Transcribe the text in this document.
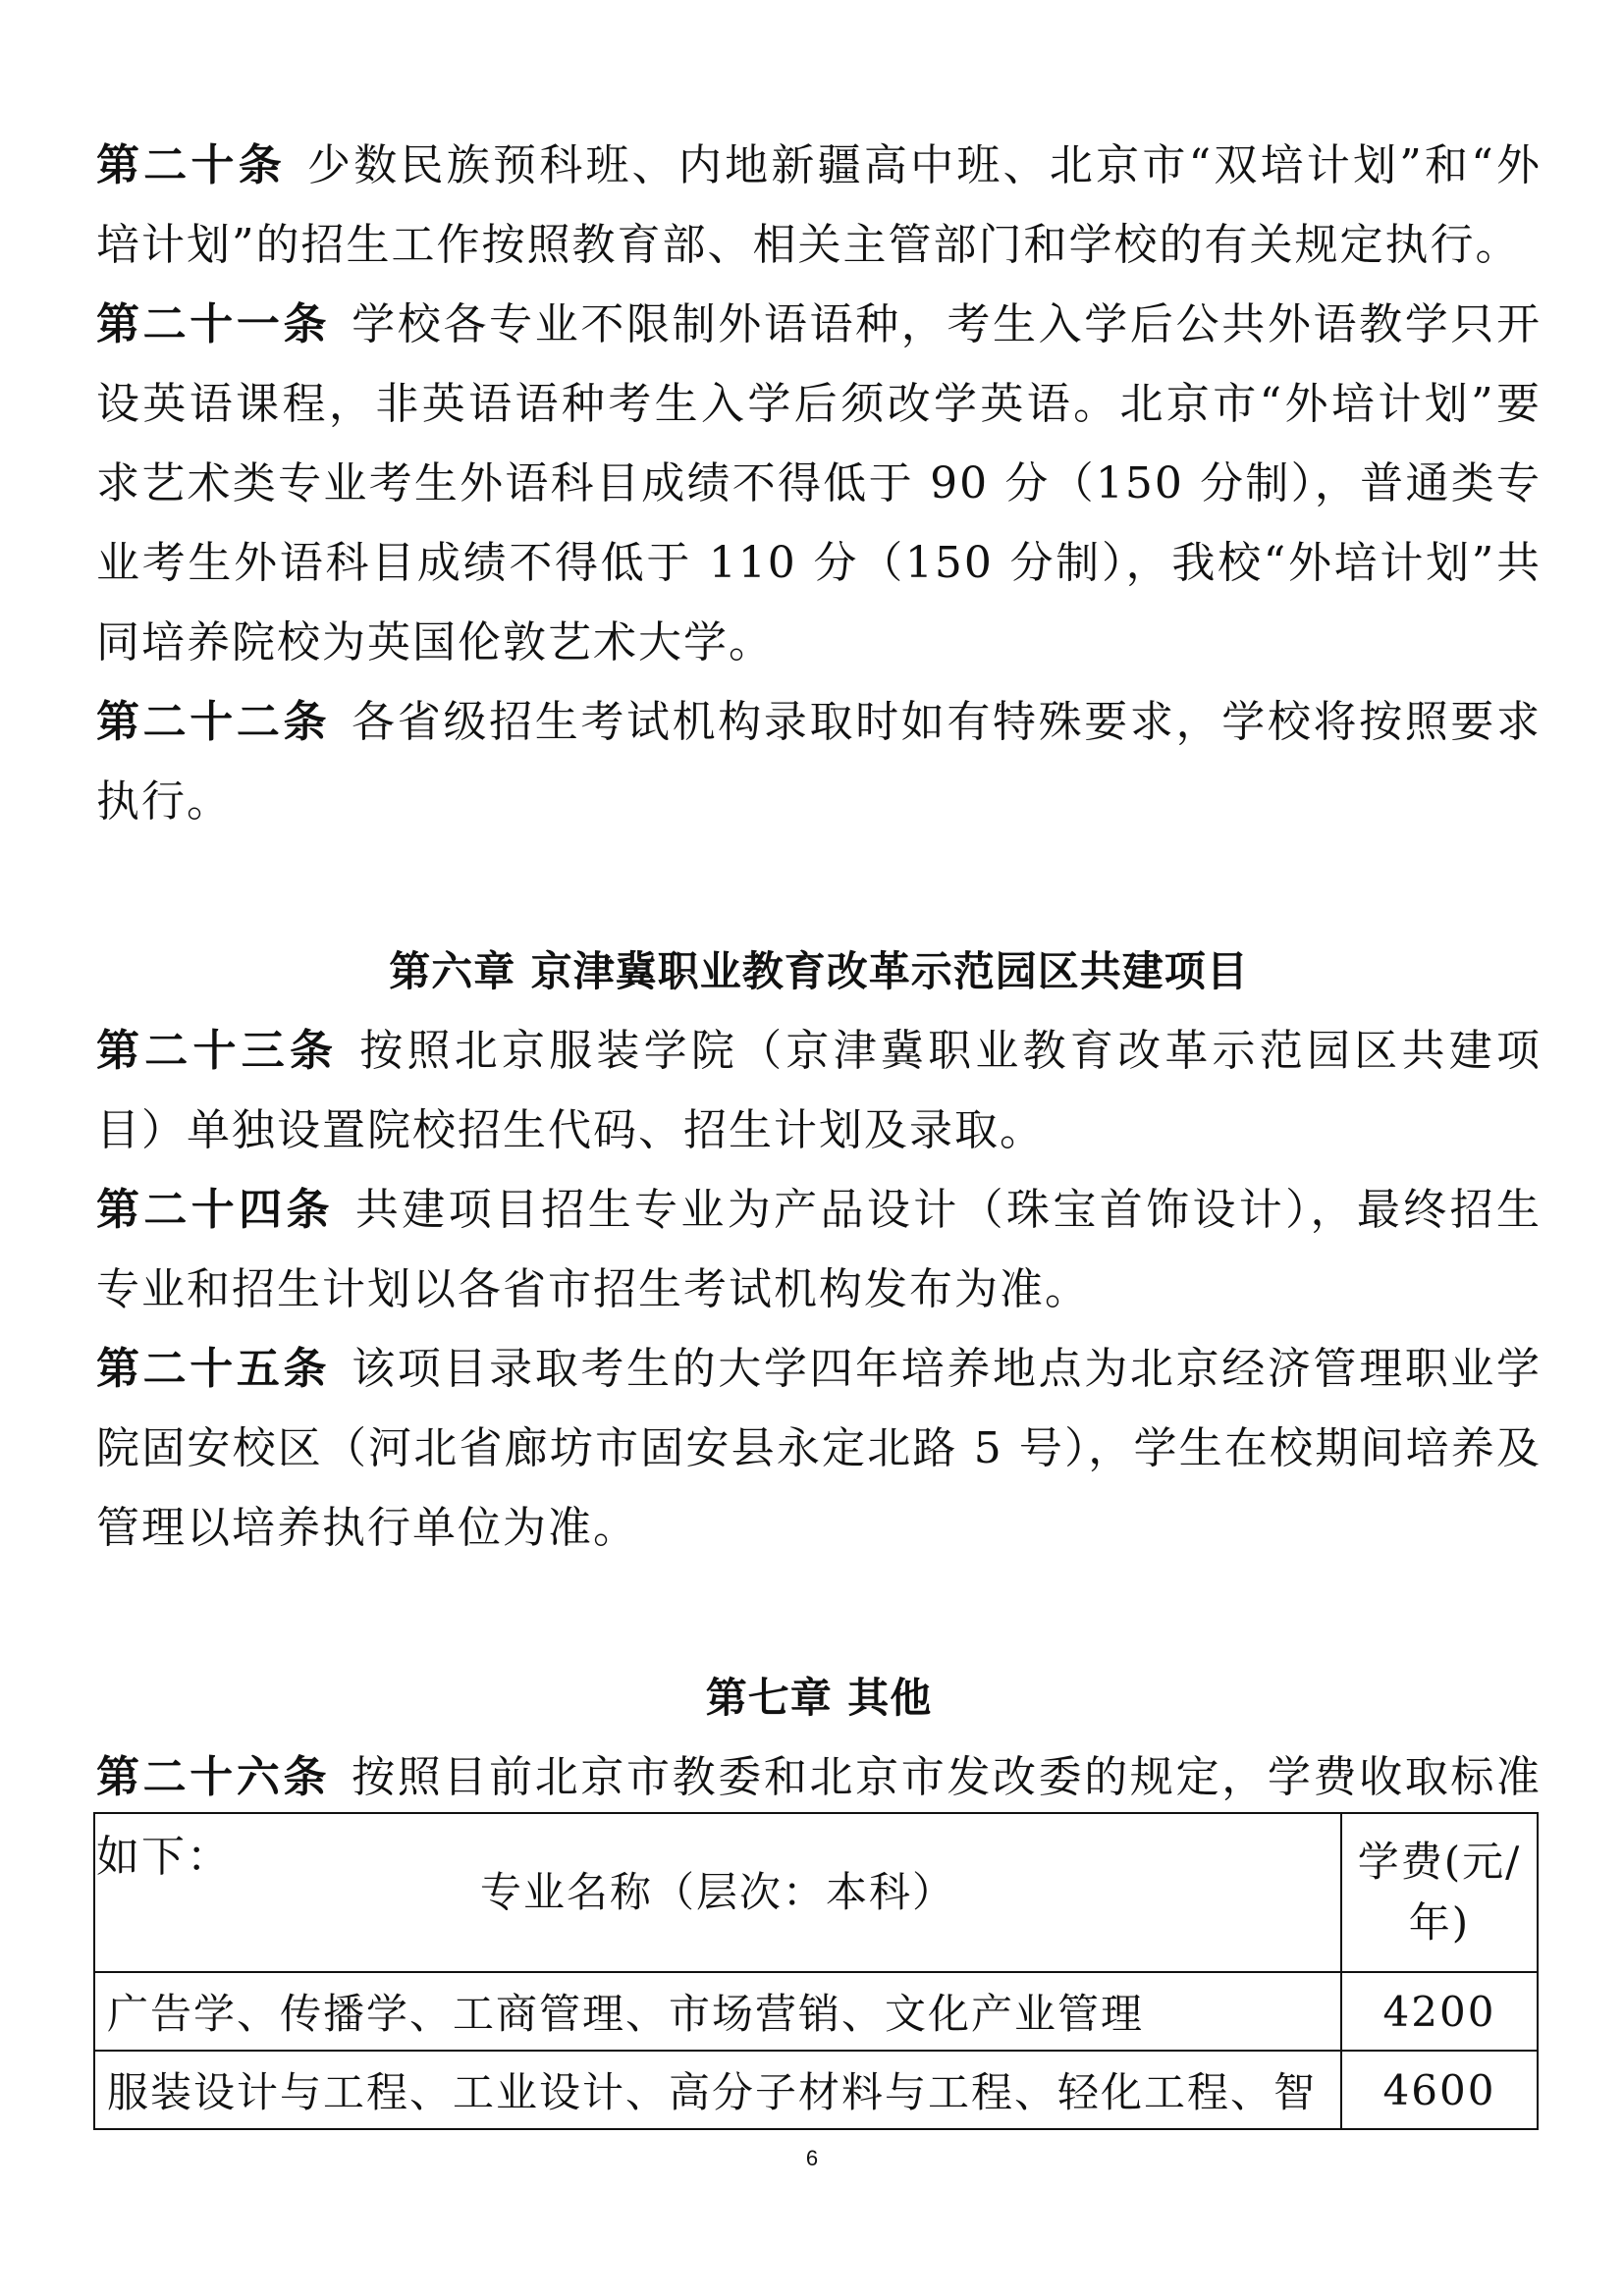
第二十条 少数民族预科班、内地新疆高中班、北京市“双培计划”和“外培计划”的招生工作按照教育部、相关主管部门和学校的有关规定执行。

第二十一条 学校各专业不限制外语语种，考生入学后公共外语教学只开设英语课程，非英语语种考生入学后须改学英语。北京市“外培计划”要求艺术类专业考生外语科目成绩不得低于 90 分（150 分制），普通类专业考生外语科目成绩不得低于 110 分（150 分制），我校“外培计划”共同培养院校为英国伦敦艺术大学。

第二十二条 各省级招生考试机构录取时如有特殊要求，学校将按照要求执行。

第六章 京津冀职业教育改革示范园区共建项目

第二十三条 按照北京服装学院（京津冀职业教育改革示范园区共建项目）单独设置院校招生代码、招生计划及录取。

第二十四条 共建项目招生专业为产品设计（珠宝首饰设计），最终招生专业和招生计划以各省市招生考试机构发布为准。

第二十五条 该项目录取考生的大学四年培养地点为北京经济管理职业学院固安校区（河北省廊坊市固安县永定北路 5 号），学生在校期间培养及管理以培养执行单位为准。

第七章 其他

第二十六条 按照目前北京市教委和北京市发改委的规定，学费收取标准如下：

专业名称（层次：本科）	学费(元/年)
广告学、传播学、工商管理、市场营销、文化产业管理	4200
服装设计与工程、工业设计、高分子材料与工程、轻化工程、智	4600
6
